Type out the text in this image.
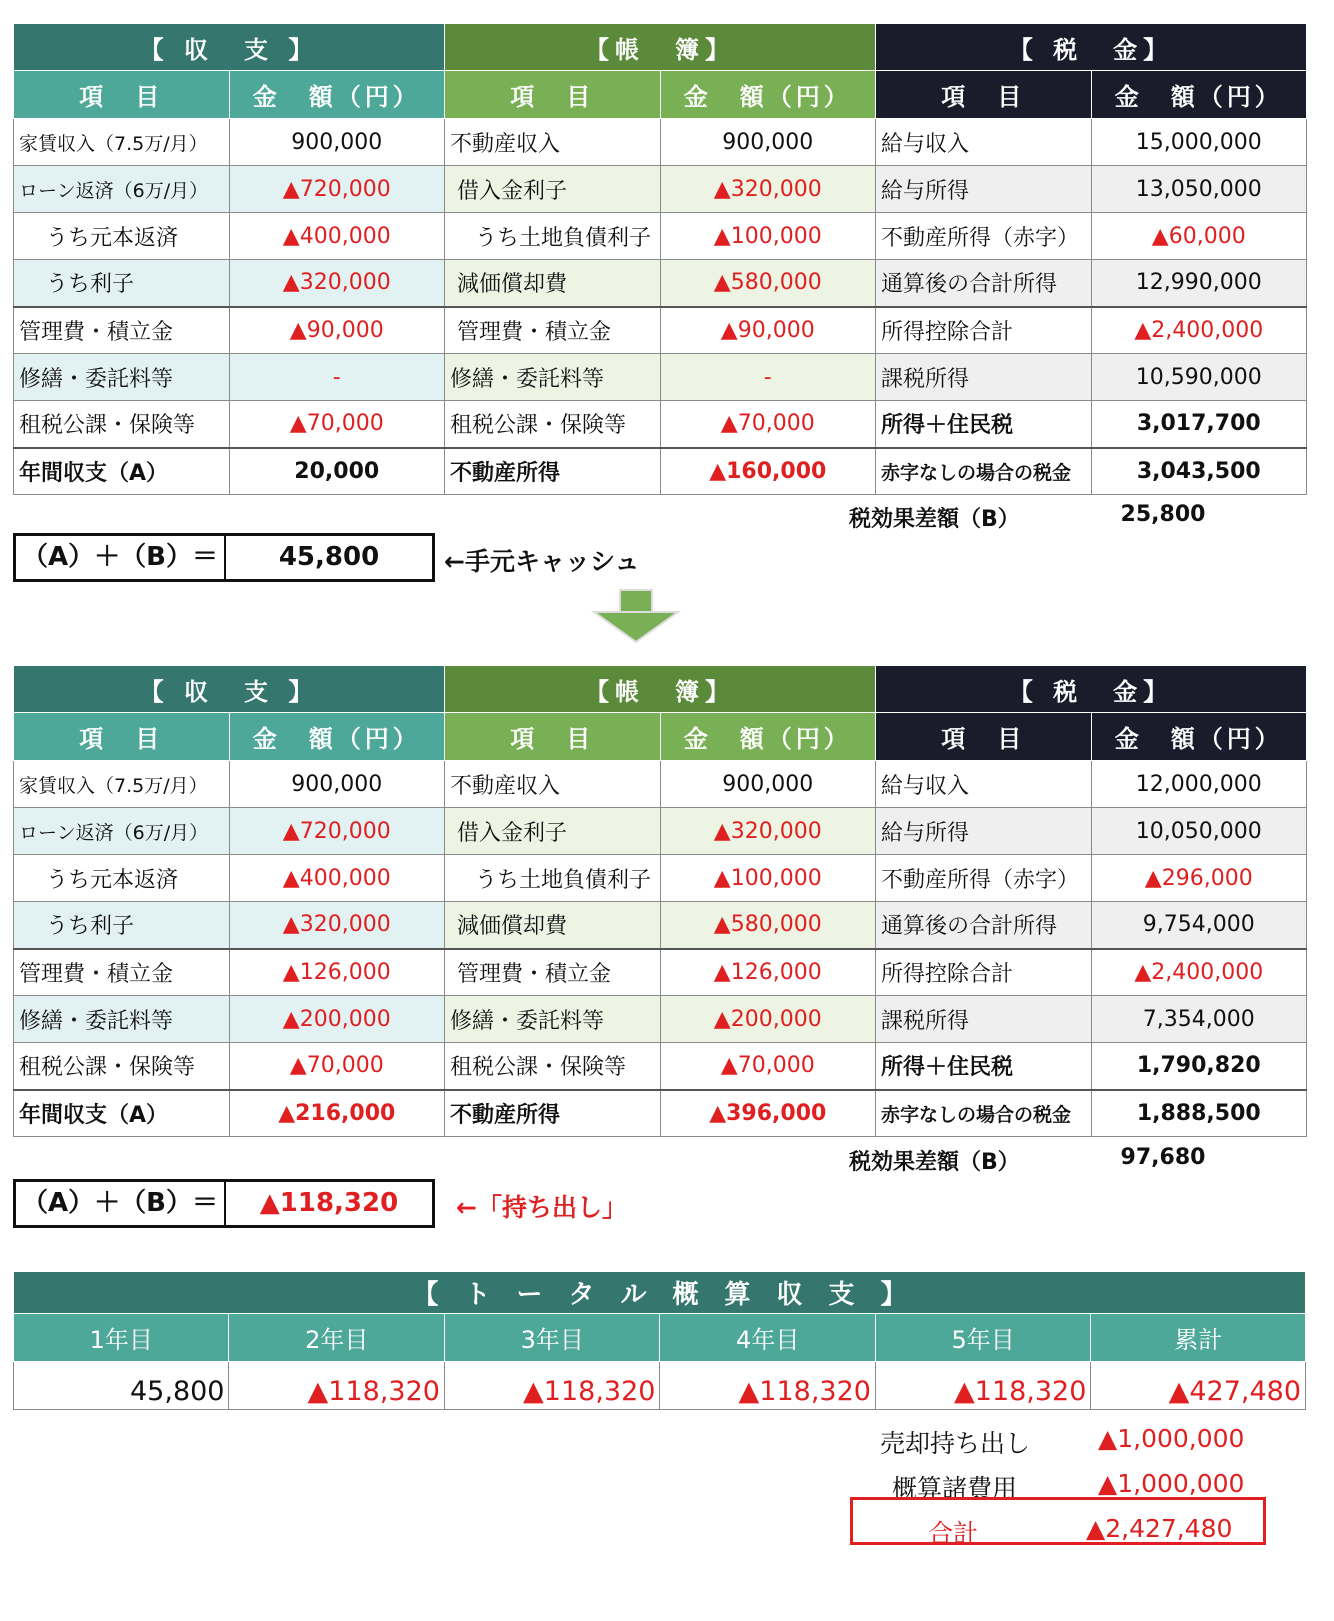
【 収　支 】		【帳　簿】		【 税　金】	
項　目	金　額（円）	項　目	金　額（円）	項　目	金　額（円）
家賃収入（7.5万/月）	900,000	不動産収入	900,000	給与収入	15,000,000
ローン返済（6万/月）	▲720,000	借入金利子	▲320,000	給与所得	13,050,000
うち元本返済	▲400,000	うち土地負債利子	▲100,000	不動産所得（赤字）	▲60,000
うち利子	▲320,000	減価償却費	▲580,000	通算後の合計所得	12,990,000
管理費・積立金	▲90,000	管理費・積立金	▲90,000	所得控除合計	▲2,400,000
修繕・委託料等	-	修繕・委託料等	-	課税所得	10,590,000
租税公課・保険等	▲70,000	租税公課・保険等	▲70,000	所得＋住民税	3,017,700
年間収支（A）	20,000	不動産所得	▲160,000	赤字なしの場合の税金	3,043,500
税効果差額（B）	25,800
（A）＋（B）＝	45,800	←手元キャッシュ
【 収　支 】		【帳　簿】		【 税　金】	
項　目	金　額（円）	項　目	金　額（円）	項　目	金　額（円）
家賃収入（7.5万/月）	900,000	不動産収入	900,000	給与収入	12,000,000
ローン返済（6万/月）	▲720,000	借入金利子	▲320,000	給与所得	10,050,000
うち元本返済	▲400,000	うち土地負債利子	▲100,000	不動産所得（赤字）	▲296,000
うち利子	▲320,000	減価償却費	▲580,000	通算後の合計所得	9,754,000
管理費・積立金	▲126,000	管理費・積立金	▲126,000	所得控除合計	▲2,400,000
修繕・委託料等	▲200,000	修繕・委託料等	▲200,000	課税所得	7,354,000
租税公課・保険等	▲70,000	租税公課・保険等	▲70,000	所得＋住民税	1,790,820
年間収支（A）	▲216,000	不動産所得	▲396,000	赤字なしの場合の税金	1,888,500
税効果差額（B）	97,680
（A）＋（B）＝	▲118,320	←「持ち出し」
【　ト　ー　タ　ル　概　算　収　支　】					
1年目	2年目	3年目	4年目	5年目	累計
45,800	▲118,320	▲118,320	▲118,320	▲118,320	▲427,480
売却持ち出し	▲1,000,000
概算諸費用	▲1,000,000
合計	▲2,427,480
